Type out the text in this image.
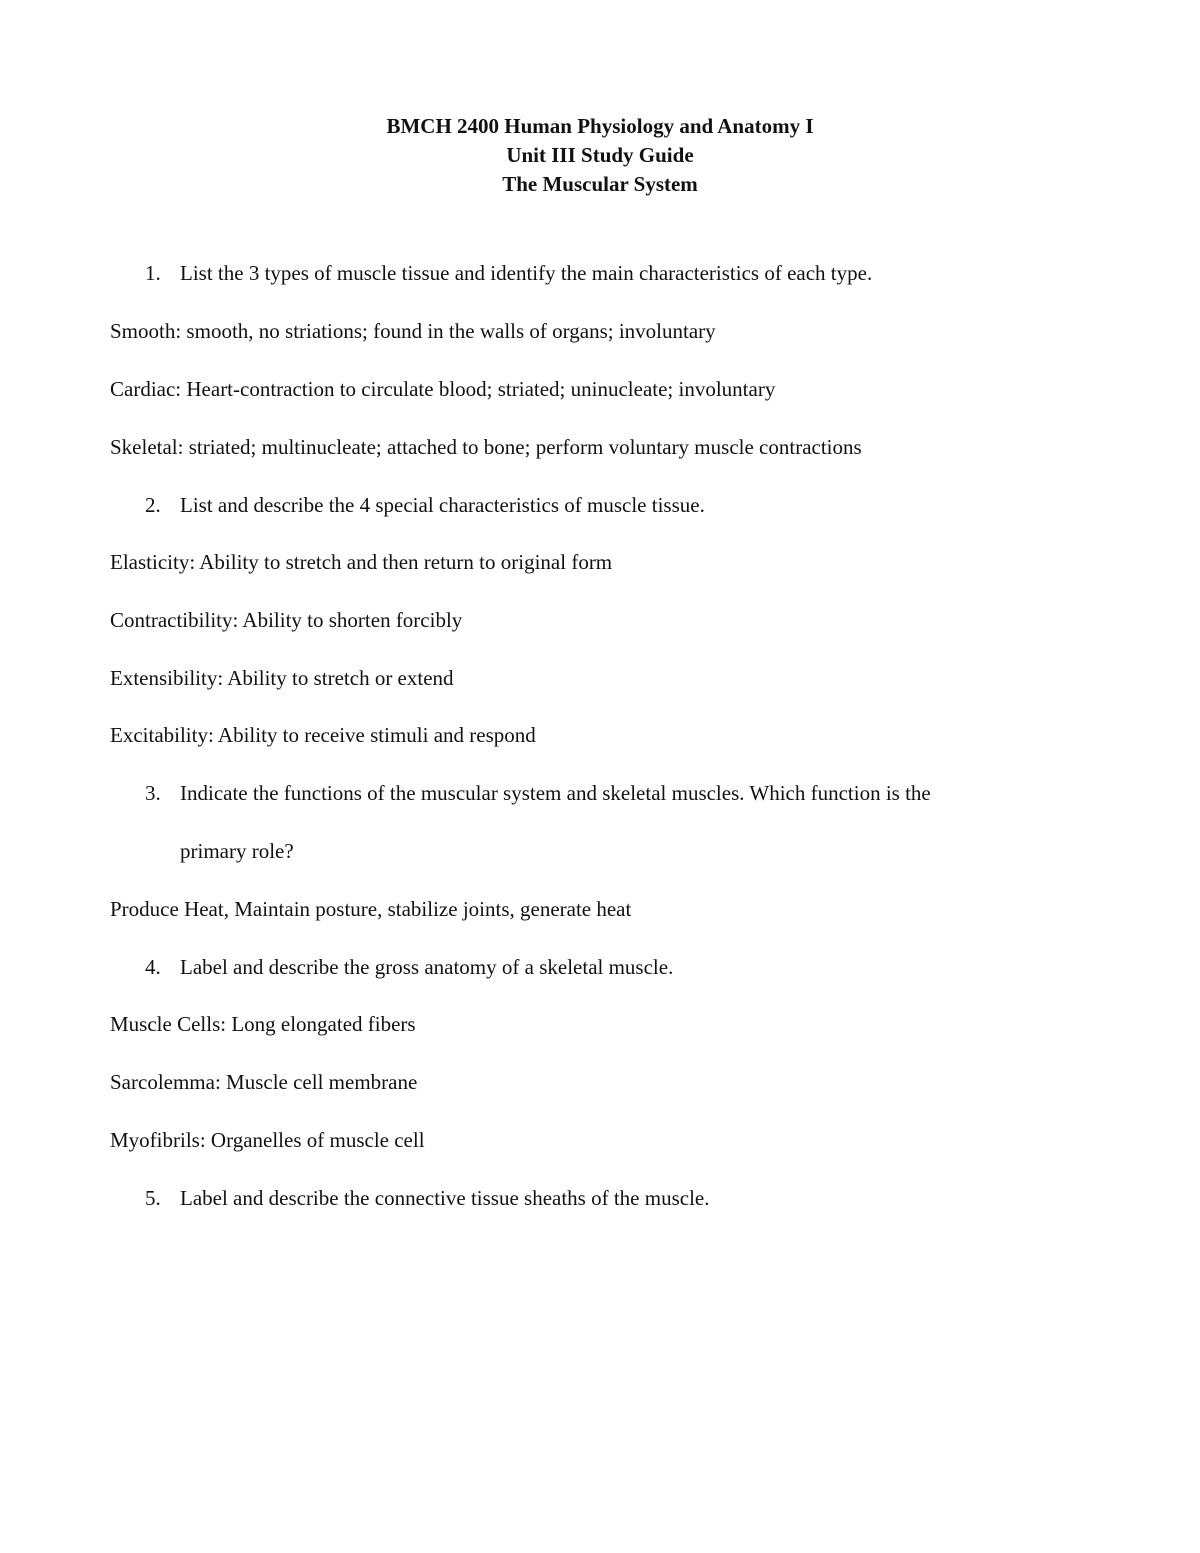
BMCH 2400 Human Physiology and Anatomy I
Unit III Study Guide
The Muscular System
1. List the 3 types of muscle tissue and identify the main characteristics of each type.
Smooth: smooth, no striations; found in the walls of organs; involuntary
Cardiac: Heart-contraction to circulate blood; striated; uninucleate; involuntary
Skeletal: striated; multinucleate; attached to bone; perform voluntary muscle contractions
2. List and describe the 4 special characteristics of muscle tissue.
Elasticity: Ability to stretch and then return to original form
Contractibility: Ability to shorten forcibly
Extensibility: Ability to stretch or extend
Excitability: Ability to receive stimuli and respond
3. Indicate the functions of the muscular system and skeletal muscles. Which function is the
primary role?
Produce Heat, Maintain posture, stabilize joints, generate heat
4. Label and describe the gross anatomy of a skeletal muscle.
Muscle Cells: Long elongated fibers
Sarcolemma: Muscle cell membrane
Myofibrils: Organelles of muscle cell
5. Label and describe the connective tissue sheaths of the muscle.
